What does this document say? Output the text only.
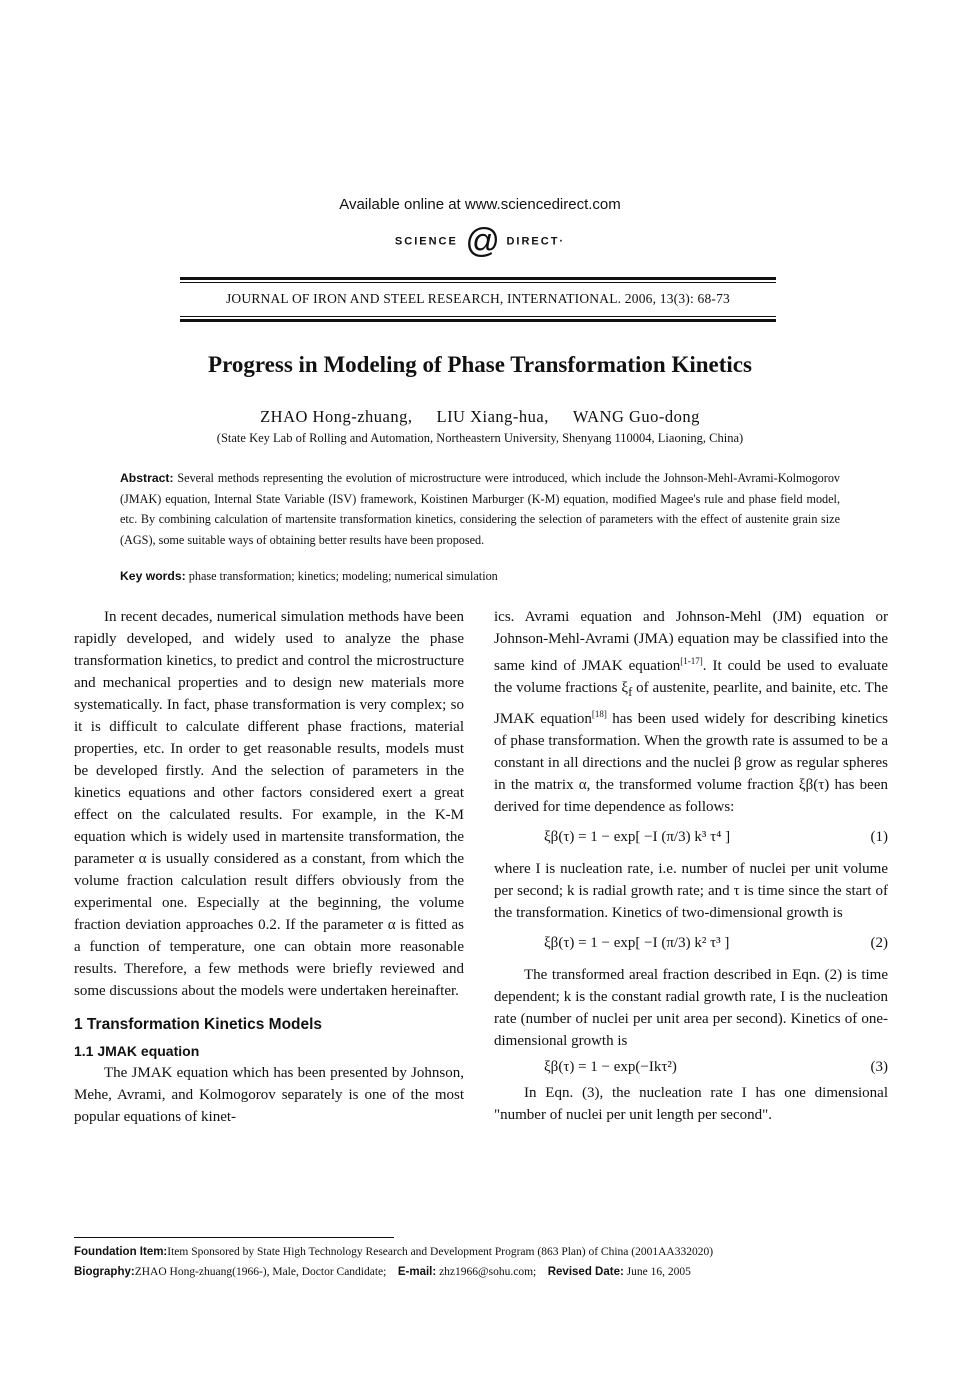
Available online at www.sciencedirect.com
SCIENCE @ DIRECT·
JOURNAL OF IRON AND STEEL RESEARCH, INTERNATIONAL. 2006, 13(3): 68-73
Progress in Modeling of Phase Transformation Kinetics
ZHAO Hong-zhuang, LIU Xiang-hua, WANG Guo-dong
(State Key Lab of Rolling and Automation, Northeastern University, Shenyang 110004, Liaoning, China)
Abstract: Several methods representing the evolution of microstructure were introduced, which include the Johnson-Mehl-Avrami-Kolmogorov (JMAK) equation, Internal State Variable (ISV) framework, Koistinen Marburger (K-M) equation, modified Magee's rule and phase field model, etc. By combining calculation of martensite transformation kinetics, considering the selection of parameters with the effect of austenite grain size (AGS), some suitable ways of obtaining better results have been proposed.
Key words: phase transformation; kinetics; modeling; numerical simulation

In recent decades, numerical simulation methods have been rapidly developed, and widely used to analyze the phase transformation kinetics, to predict and control the microstructure and mechanical properties and to design new materials more systematically. In fact, phase transformation is very complex; so it is difficult to calculate different phase fractions, material properties, etc. In order to get reasonable results, models must be developed firstly. And the selection of parameters in the kinetics equations and other factors considered exert a great effect on the calculated results. For example, in the K-M equation which is widely used in martensite transformation, the parameter α is usually considered as a constant, from which the volume fraction calculation result differs obviously from the experimental one. Especially at the beginning, the volume fraction deviation approaches 0.2. If the parameter α is fitted as a function of temperature, one can obtain more reasonable results. Therefore, a few methods were briefly reviewed and some discussions about the models were undertaken hereinafter.

1 Transformation Kinetics Models

1.1 JMAK equation

The JMAK equation which has been presented by Johnson, Mehe, Avrami, and Kolmogorov separately is one of the most popular equations of kinet-

ics. Avrami equation and Johnson-Mehl (JM) equation or Johnson-Mehl-Avrami (JMA) equation may be classified into the same kind of JMAK equation[1-17]. It could be used to evaluate the volume fractions $\xi_f$ of austenite, pearlite, and bainite, etc. The JMAK equation[18] has been used widely for describing kinetics of phase transformation. When the growth rate is assumed to be a constant in all directions and the nuclei β grow as regular spheres in the matrix α, the transformed volume fraction ξβ(τ) has been derived for time dependence as follows:

ξβ(τ) = 1 − exp[ −I (π/3) k³ τ⁴ ]	(1)

where I is nucleation rate, i.e. number of nuclei per unit volume per second; k is radial growth rate; and τ is time since the start of the transformation. Kinetics of two-dimensional growth is

ξβ(τ) = 1 − exp[ −I (π/3) k² τ³ ]	(2)

The transformed areal fraction described in Eqn. (2) is time dependent; k is the constant radial growth rate, I is the nucleation rate (number of nuclei per unit area per second). Kinetics of one-dimensional growth is

ξβ(τ) = 1 − exp(−Ikτ²)	(3)

In Eqn. (3), the nucleation rate I has one dimensional "number of nuclei per unit length per second".

Foundation Item:Item Sponsored by State High Technology Research and Development Program (863 Plan) of China (2001AA332020)
Biography:ZHAO Hong-zhuang(1966-), Male, Doctor Candidate; E-mail: zhz1966@sohu.com; Revised Date: June 16, 2005
